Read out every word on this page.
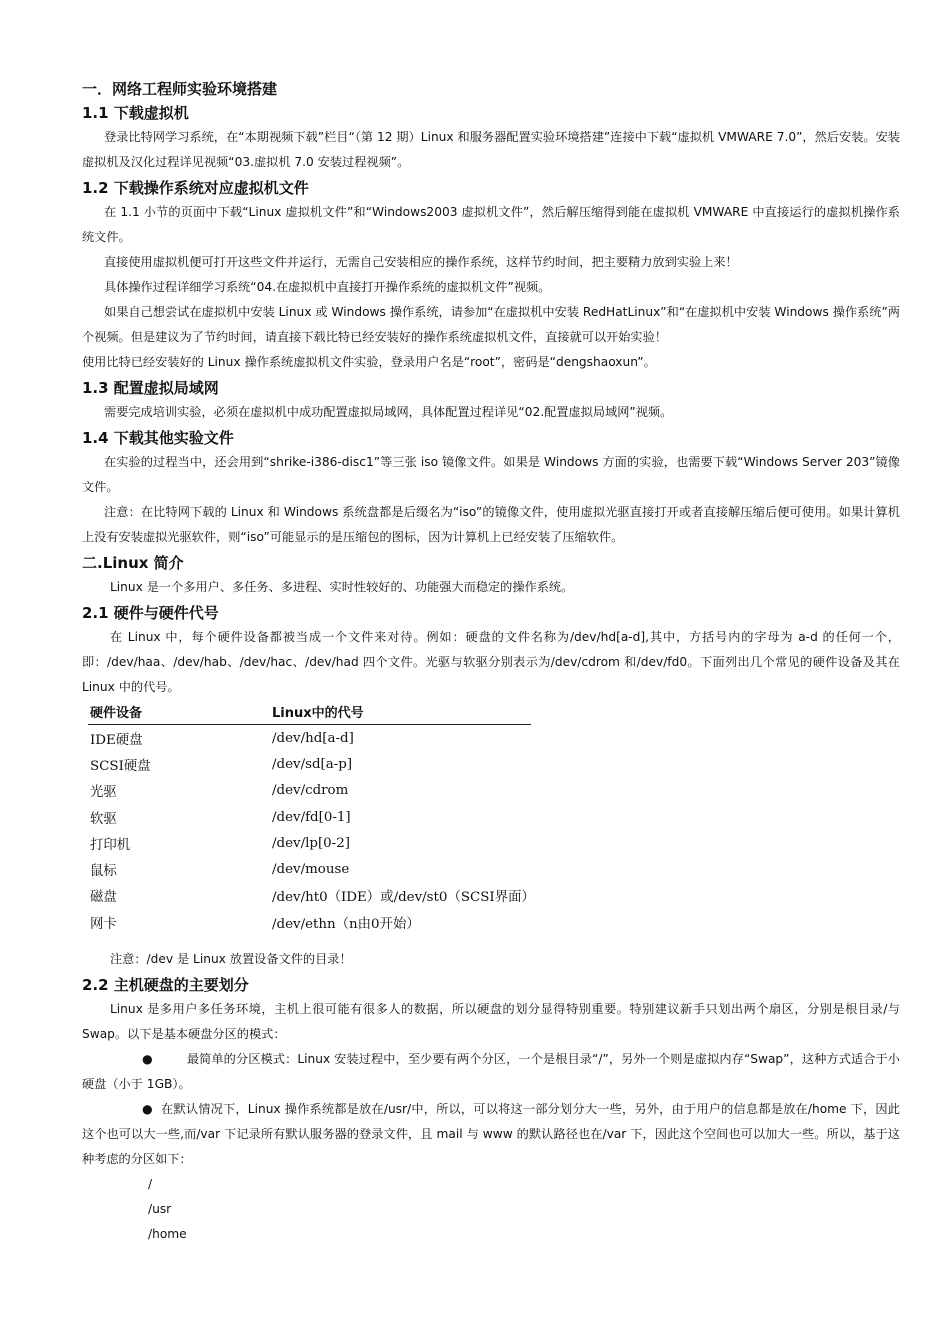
一．网络工程师实验环境搭建
1.1 下载虚拟机

登录比特网学习系统，在“本期视频下载”栏目“（第 12 期）Linux 和服务器配置实验环境搭建”连接中下载“虚拟机 VMWARE 7.0”，然后安装。安装虚拟机及汉化过程详见视频“03.虚拟机 7.0 安装过程视频”。

1.2 下载操作系统对应虚拟机文件

在 1.1 小节的页面中下载“Linux 虚拟机文件”和“Windows2003 虚拟机文件”，然后解压缩得到能在虚拟机 VMWARE 中直接运行的虚拟机操作系统文件。

直接使用虚拟机便可打开这些文件并运行，无需自己安装相应的操作系统，这样节约时间，把主要精力放到实验上来！

具体操作过程详细学习系统“04.在虚拟机中直接打开操作系统的虚拟机文件”视频。

如果自己想尝试在虚拟机中安装 Linux 或 Windows 操作系统，请参加“在虚拟机中安装 RedHatLinux”和“在虚拟机中安装 Windows 操作系统”两个视频。但是建议为了节约时间，请直接下载比特已经安装好的操作系统虚拟机文件，直接就可以开始实验！

使用比特已经安装好的 Linux 操作系统虚拟机文件实验，登录用户名是“root”，密码是“dengshaoxun”。

1.3 配置虚拟局域网

需要完成培训实验，必须在虚拟机中成功配置虚拟局域网，具体配置过程详见“02.配置虚拟局域网”视频。

1.4 下载其他实验文件

在实验的过程当中，还会用到“shrike-i386-disc1”等三张 iso 镜像文件。如果是 Windows 方面的实验，也需要下载“Windows Server 203”镜像文件。

注意：在比特网下载的 Linux 和 Windows 系统盘都是后缀名为“iso”的镜像文件，使用虚拟光驱直接打开或者直接解压缩后便可使用。如果计算机上没有安装虚拟光驱软件，则“iso”可能显示的是压缩包的图标，因为计算机上已经安装了压缩软件。

二.Linux 简介

Linux 是一个多用户、多任务、多进程、实时性较好的、功能强大而稳定的操作系统。

2.1 硬件与硬件代号

在 Linux 中，每个硬件设备都被当成一个文件来对待。例如：硬盘的文件名称为/dev/hd[a-d],其中，方括号内的字母为 a-d 的任何一个，即：/dev/haa、/dev/hab、/dev/hac、/dev/had 四个文件。光驱与软驱分别表示为/dev/cdrom 和/dev/fd0。下面列出几个常见的硬件设备及其在 Linux 中的代号。

硬件设备	Linux中的代号
IDE硬盘	/dev/hd[a-d]
SCSI硬盘	/dev/sd[a-p]
光驱	/dev/cdrom
软驱	/dev/fd[0-1]
打印机	/dev/lp[0-2]
鼠标	/dev/mouse
磁盘	/dev/ht0（IDE）或/dev/st0（SCSI界面）
网卡	/dev/ethn（n由0开始）

注意：/dev 是 Linux 放置设备文件的目录！

2.2 主机硬盘的主要划分

Linux 是多用户多任务环境，主机上很可能有很多人的数据，所以硬盘的划分显得特别重要。特别建议新手只划出两个扇区，分别是根目录/与 Swap。以下是基本硬盘分区的模式：

●	最简单的分区模式：Linux 安装过程中，至少要有两个分区，一个是根目录“/”，另外一个则是虚拟内存“Swap”，这种方式适合于小硬盘（小于 1GB）。

● 在默认情况下，Linux 操作系统都是放在/usr/中，所以，可以将这一部分划分大一些，另外，由于用户的信息都是放在/home 下，因此这个也可以大一些,而/var 下记录所有默认服务器的登录文件，且 mail 与 www 的默认路径也在/var 下，因此这个空间也可以加大一些。所以，基于这种考虑的分区如下：

/

/usr

/home
